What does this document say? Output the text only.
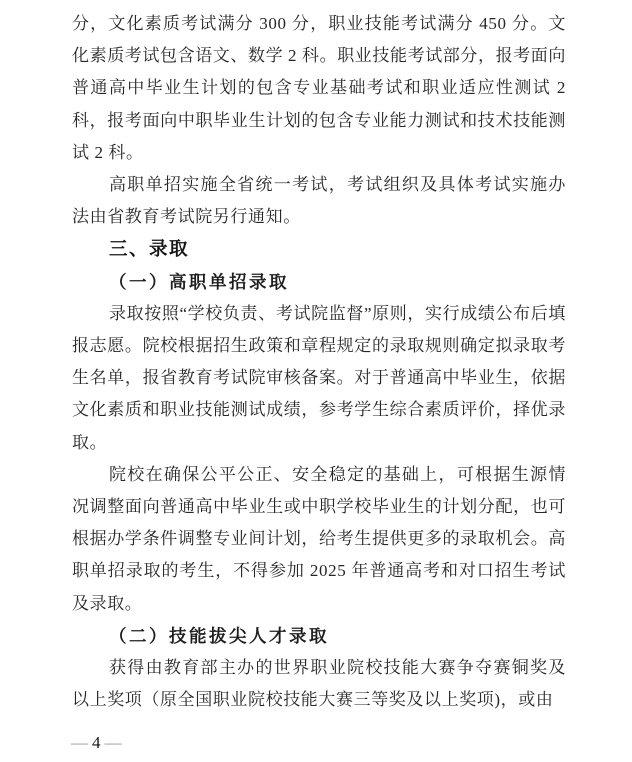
分，文化素质考试满分 300 分，职业技能考试满分 450 分。文化素质考试包含语文、数学 2 科。职业技能考试部分，报考面向普通高中毕业生计划的包含专业基础考试和职业适应性测试 2 科，报考面向中职毕业生计划的包含专业能力测试和技术技能测试 2 科。

高职单招实施全省统一考试，考试组织及具体考试实施办法由省教育考试院另行通知。

三、录取
（一）高职单招录取

录取按照“学校负责、考试院监督”原则，实行成绩公布后填报志愿。院校根据招生政策和章程规定的录取规则确定拟录取考生名单，报省教育考试院审核备案。对于普通高中毕业生，依据文化素质和职业技能测试成绩，参考学生综合素质评价，择优录取。

院校在确保公平公正、安全稳定的基础上，可根据生源情况调整面向普通高中毕业生或中职学校毕业生的计划分配，也可根据办学条件调整专业间计划，给考生提供更多的录取机会。高职单招录取的考生，不得参加 2025 年普通高考和对口招生考试及录取。

（二）技能拔尖人才录取

获得由教育部主办的世界职业院校技能大赛争夺赛铜奖及以上奖项（原全国职业院校技能大赛三等奖及以上奖项)，或由

— 4 —
